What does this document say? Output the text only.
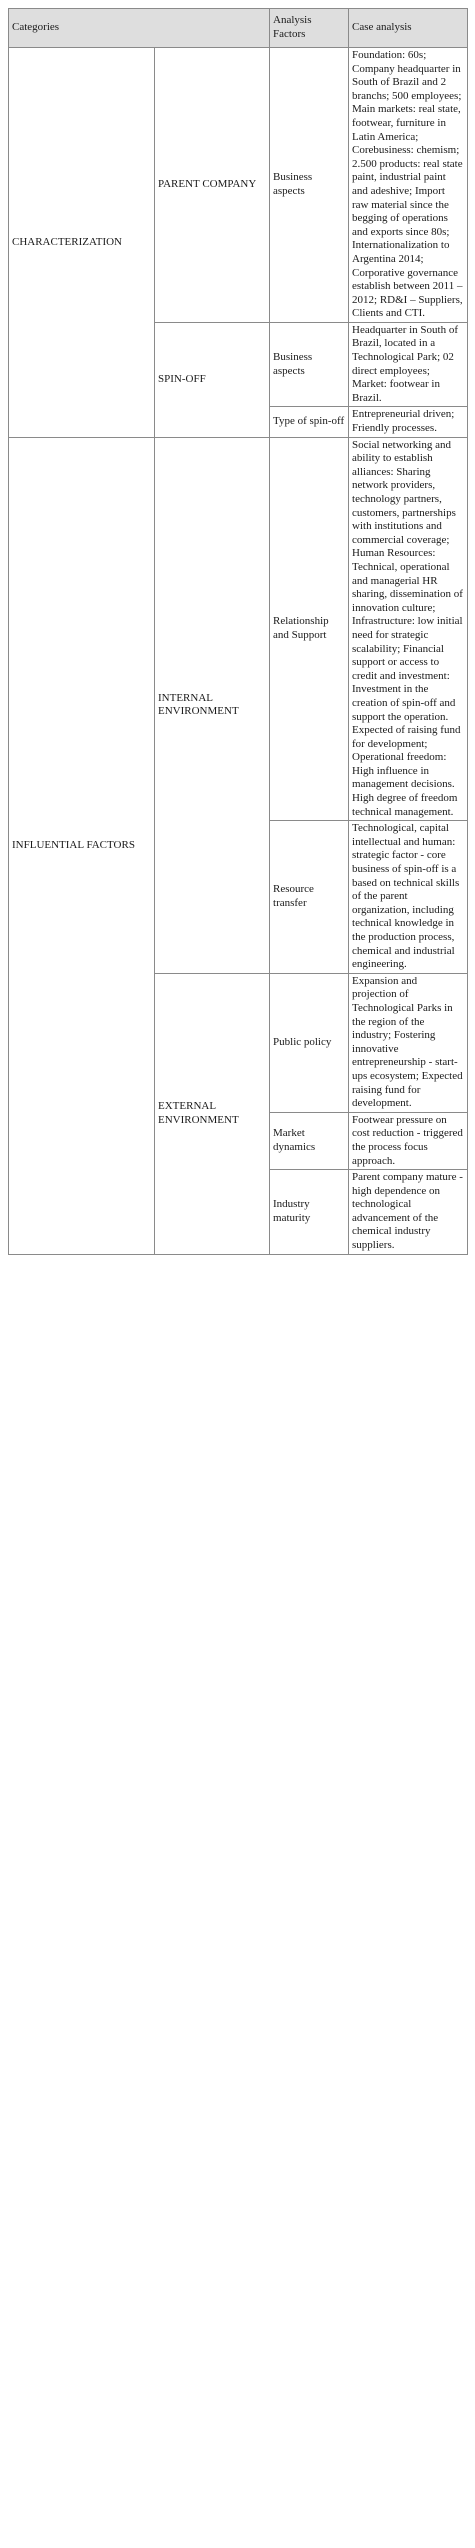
Categories		Analysis Factors	Case analysis
CHARACTERIZATION	PARENT COMPANY	Business aspects	Foundation: 60s; Company headquarter in South of Brazil and 2 branchs; 500 employees; Main markets: real state, footwear, furniture in Latin America; Corebusiness: chemism; 2.500 products: real state paint, industrial paint and adeshive; Import raw material since the begging of operations and exports since 80s; Internationalization to Argentina 2014; Corporative governance establish between 2011 – 2012; RD&I – Suppliers, Clients and CTI.

	SPIN-OFF	Business aspects	Headquarter in South of Brazil, located in a Technological Park; 02 direct employees; Market: footwear in Brazil.

		Type of spin-off	Entrepreneurial driven; Friendly processes.

INFLUENTIAL FACTORS	INTERNAL ENVIRONMENT	Relationship and Support	Social networking and ability to establish alliances: Sharing network providers, technology partners, customers, partnerships with institutions and commercial coverage; Human Resources: Technical, operational and managerial HR sharing, dissemination of innovation culture; Infrastructure: low initial need for strategic scalability; Financial support or access to credit and investment: Investment in the creation of spin-off and support the operation. Expected of raising fund for development; Operational freedom: High influence in management decisions. High degree of freedom technical management.

		Resource transfer	Technological, capital intellectual and human: strategic factor - core business of spin-off is a based on technical skills of the parent organization, including technical knowledge in the production process, chemical and industrial engineering.

	EXTERNAL ENVIRONMENT	Public policy	Expansion and projection of Technological Parks in the region of the industry; Fostering innovative entrepreneurship - start-ups ecosystem; Expected raising fund for development.

		Market dynamics	Footwear pressure on cost reduction - triggered the process focus approach.

		Industry maturity	Parent company mature - high dependence on technological advancement of the chemical industry suppliers.
